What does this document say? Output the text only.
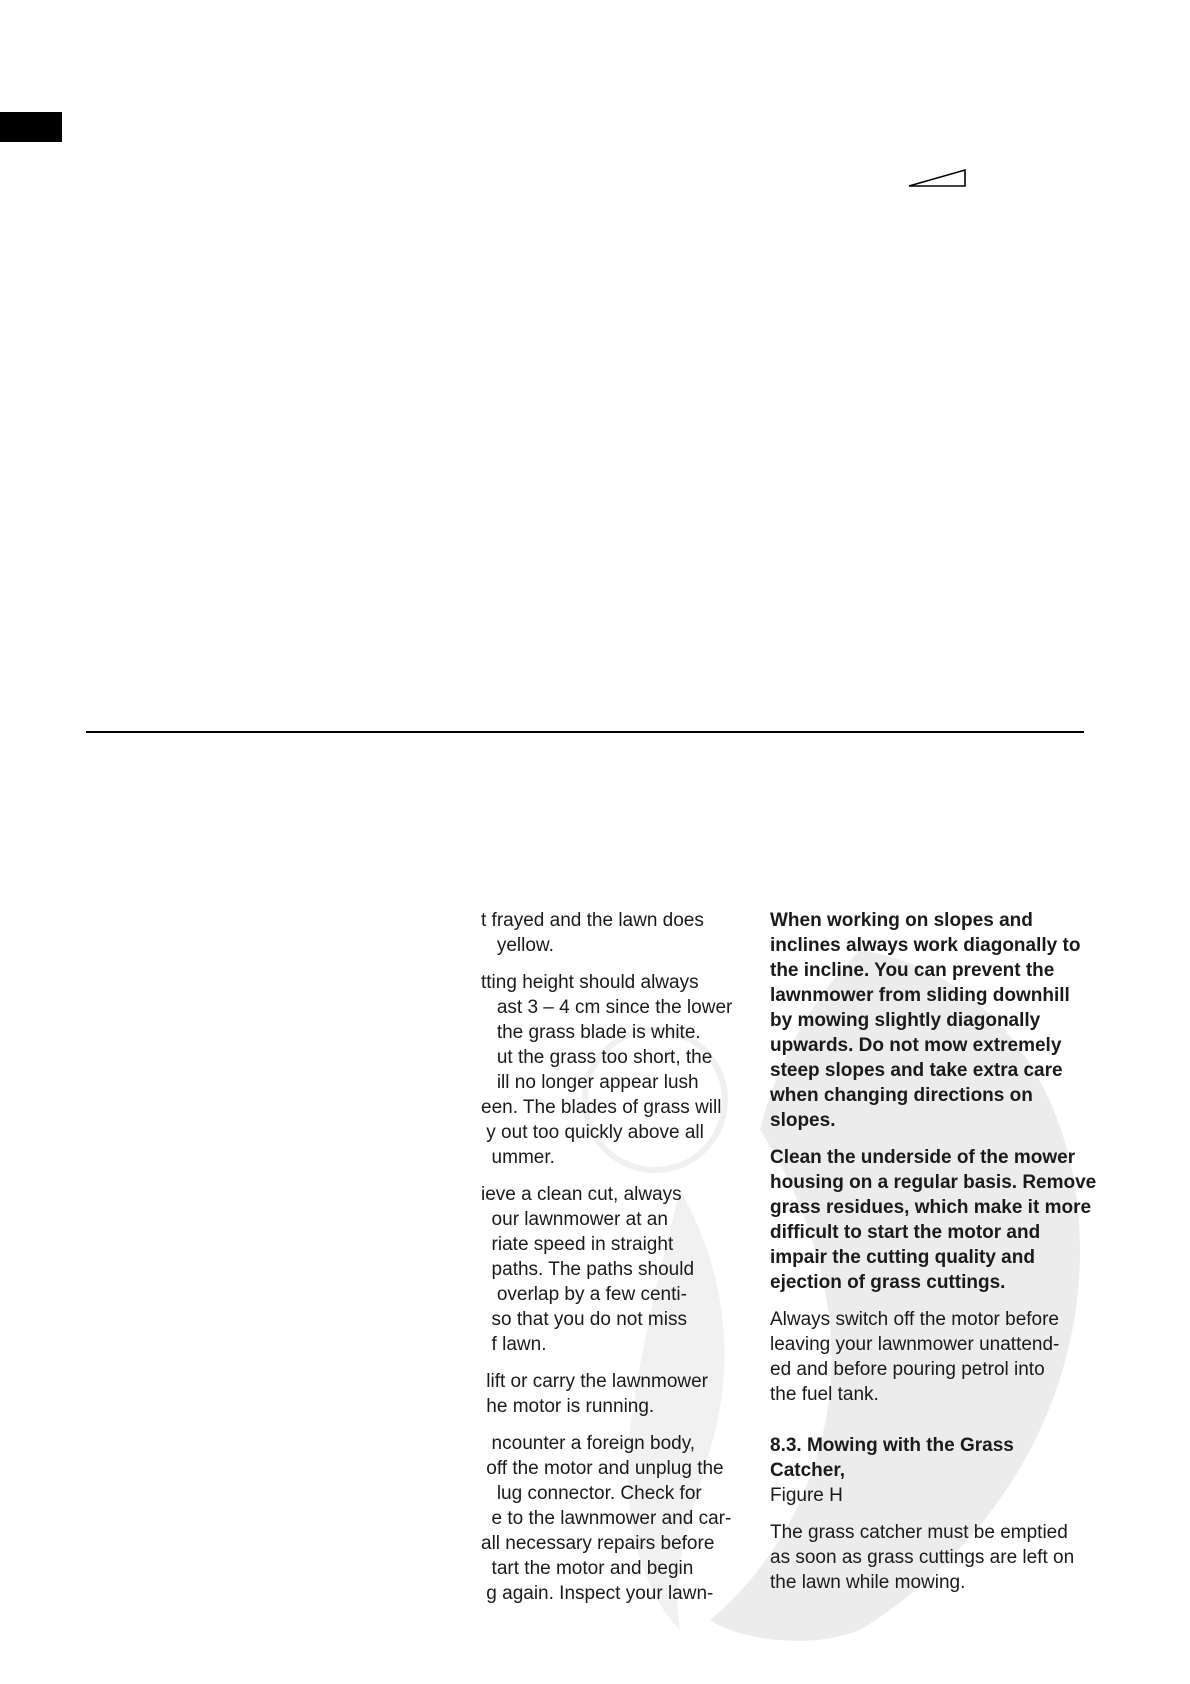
t frayed and the lawn does
yellow.

tting height should always
ast 3 – 4 cm since the lower
the grass blade is white.
ut the grass too short, the
ill no longer appear lush
een. The blades of grass will
y out too quickly above all
ummer.

ieve a clean cut, always
our lawnmower at an
riate speed in straight
paths. The paths should
overlap by a few centi-
so that you do not miss
f lawn.

lift or carry the lawnmower
he motor is running.

ncounter a foreign body,
off the motor and unplug the
lug connector. Check for
e to the lawnmower and car-
all necessary repairs before
tart the motor and begin
g again. Inspect your lawn-

When working on slopes and
inclines always work diagonally to
the incline. You can prevent the
lawnmower from sliding downhill
by mowing slightly diagonally
upwards. Do not mow extremely
steep slopes and take extra care
when changing directions on
slopes.

Clean the underside of the mower
housing on a regular basis. Remove
grass residues, which make it more
difficult to start the motor and
impair the cutting quality and
ejection of grass cuttings.

Always switch off the motor before
leaving your lawnmower unattend-
ed and before pouring petrol into
the fuel tank.

8.3. Mowing with the Grass
Catcher,
Figure H

The grass catcher must be emptied
as soon as grass cuttings are left on
the lawn while mowing.
